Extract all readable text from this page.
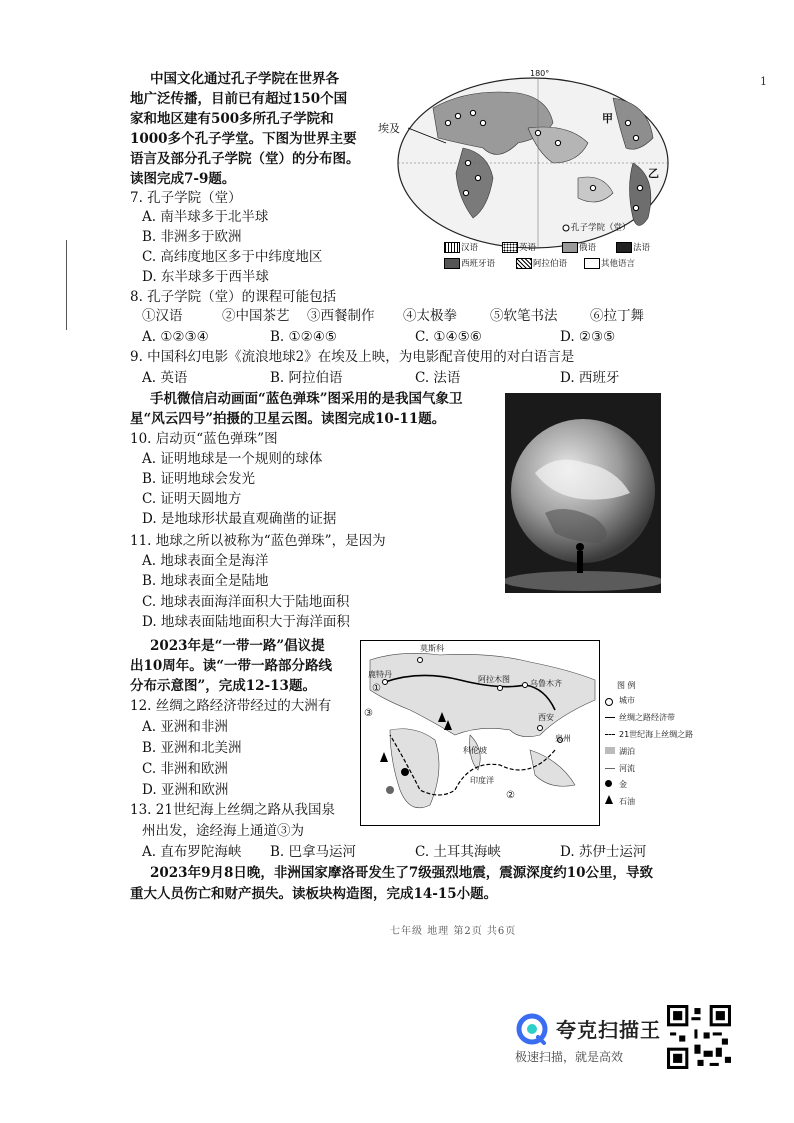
1
中国文化通过孔子学院在世界各
地广泛传播，目前已有超过150个国
家和地区建有500多所孔子学院和
1000多个孔子学堂。下图为世界主要
语言及部分孔子学院（堂）的分布图。
读图完成7-9题。
180°
埃及
甲
乙
孔子学院（堂）
汉语	英语	俄语	法语
西班牙语	阿拉伯语	其他语言
7. 孔子学院（堂）
A. 南半球多于北半球
B. 非洲多于欧洲
C. 高纬度地区多于中纬度地区
D. 东半球多于西半球
8. 孔子学院（堂）的课程可能包括
①汉语	②中国茶艺 ③西餐制作 ④太极拳 ⑤软笔书法 ⑥拉丁舞
A. ①②③④	B. ①②④⑤	C. ①④⑤⑥	D. ②③⑤
9. 中国科幻电影《流浪地球2》在埃及上映，为电影配音使用的对白语言是
A. 英语	B. 阿拉伯语	C. 法语	D. 西班牙
手机微信启动画面“蓝色弹珠”图采用的是我国气象卫
星“风云四号”拍摄的卫星云图。读图完成10-11题。
10. 启动页“蓝色弹珠”图
A. 证明地球是一个规则的球体
B. 证明地球会发光
C. 证明天圆地方
D. 是地球形状最直观确凿的证据
11. 地球之所以被称为“蓝色弹珠”，是因为
A. 地球表面全是海洋
B. 地球表面全是陆地
C. 地球表面海洋面积大于陆地面积
D. 地球表面陆地面积大于海洋面积
2023年是“一带一路”倡议提
出10周年。读“一带一路部分路线
分布示意图”，完成12-13题。
莫斯科
鹿特丹
阿拉木图	乌鲁木齐
西安
泉州
科伦坡
印度洋
①
②
③
图 例
城市
丝绸之路经济带
21世纪海上丝绸之路
湖泊
河流
金
石油
12. 丝绸之路经济带经过的大洲有
A. 亚洲和非洲
B. 亚洲和北美洲
C. 非洲和欧洲
D. 亚洲和欧洲
13. 21世纪海上丝绸之路从我国泉
州出发，途经海上通道③为
A. 直布罗陀海峡 B. 巴拿马运河	C. 土耳其海峡	D. 苏伊士运河
2023年9月8日晚，非洲国家摩洛哥发生了7级强烈地震，震源深度约10公里，导致
重大人员伤亡和财产损失。读板块构造图，完成14-15小题。
七年级 地理 第2页 共6页
夸克扫描王
极速扫描，就是高效
